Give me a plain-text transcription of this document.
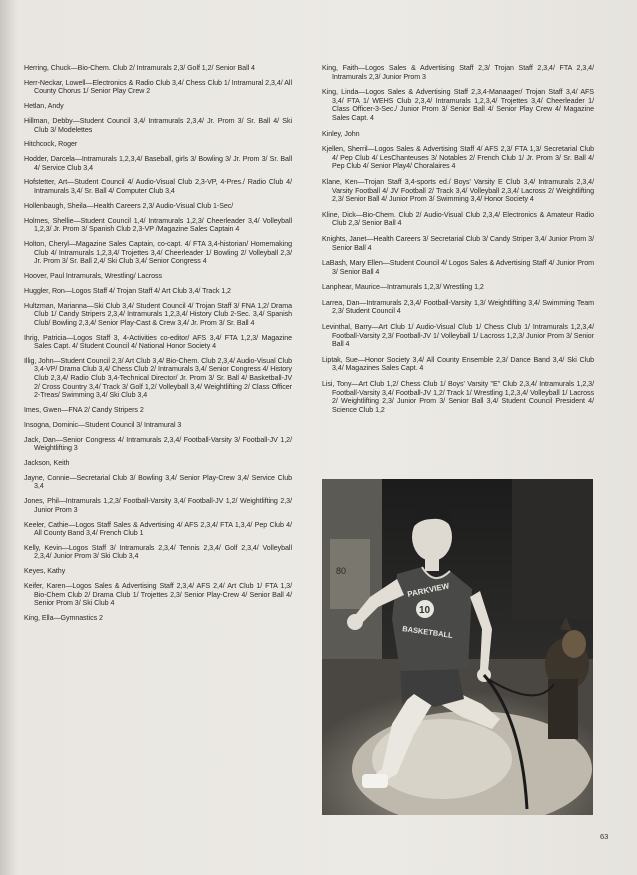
Herring, Chuck—Bio-Chem. Club 2/ Intramurals 2,3/ Golf 1,2/ Senior Ball 4

Herr-Neckar, Lowell—Electronics & Radio Club 3,4/ Chess Club 1/ Intramural 2,3,4/ All County Chorus 1/ Senior Play Crew 2

Hetlan, Andy

Hillman, Debby—Student Council 3,4/ Intramurals 2,3,4/ Jr. Prom 3/ Sr. Ball 4/ Ski Club 3/ Modelettes

Hitchcock, Roger

Hodder, Darcela—Intramurals 1,2,3,4/ Baseball, girls 3/ Bowling 3/ Jr. Prom 3/ Sr. Ball 4/ Service Club 3,4

Hofstetter, Art—Student Council 4/ Audio-Visual Club 2,3-VP, 4-Pres./ Radio Club 4/ Intramurals 3,4/ Sr. Ball 4/ Computer Club 3,4

Hollenbaugh, Sheila—Health Careers 2,3/ Audio-Visual Club 1-Sec/

Holmes, Shellie—Student Council 1,4/ Intramurals 1,2,3/ Cheerleader 3,4/ Volleyball 1,2,3/ Jr. Prom 3/ Spanish Club 2,3-VP /Magazine Sales Captain 4

Holton, Cheryl—Magazine Sales Captain, co-capt. 4/ FTA 3,4-historian/ Homemaking Club 4/ Intramurals 1,2,3,4/ Trojettes 3,4/ Cheerleader 1/ Bowling 2/ Volleyball 2,3/ Jr. Prom 3/ Sr. Ball 2,4/ Ski Club 3,4/ Senior Congress 4

Hoover, Paul Intramurals, Wrestling/ Lacross

Huggler, Ron—Logos Staff 4/ Trojan Staff 4/ Art Club 3,4/ Track 1,2

Hultzman, Marianna—Ski Club 3,4/ Student Council 4/ Trojan Staff 3/ FNA 1,2/ Drama Club 1/ Candy Stripers 2,3,4/ Intramurals 1,2,3,4/ History Club 2-Sec. 3,4/ Spanish Club/ Bowling 2,3,4/ Senior Play-Cast & Crew 3,4/ Jr. Prom 3/ Sr. Ball 4

Ihrig, Patricia—Logos Staff 3, 4-Activities co-editor/ AFS 3,4/ FTA 1,2,3/ Magazine Sales Capt. 4/ Student Council 4/ National Honor Society 4

Illig, John—Student Council 2,3/ Art Club 3,4/ Bio-Chem. Club 2,3,4/ Audio-Visual Club 3,4-VP/ Drama Club 3,4/ Chess Club 2/ Intramurals 3,4/ Senior Congress 4/ History Club 2,3,4/ Radio Club 3,4-Technical Director/ Jr. Prom 3/ Sr. Ball 4/ Basketball-JV 2/ Cross Country 3,4/ Track 3/ Golf 1,2/ Volleyball 3,4/ Weightlifting 2/ Class Officer 2-Treas/ Swimming 3,4/ Ski Club 3,4

Imes, Gwen—FNA 2/ Candy Stripers 2

Insogna, Dominic—Student Council 3/ Intramural 3

Jack, Dan—Senior Congress 4/ Intramurals 2,3,4/ Football-Varsity 3/ Football-JV 1,2/ Weightlifting 3

Jackson, Keith

Jayne, Connie—Secretarial Club 3/ Bowling 3,4/ Senior Play-Crew 3,4/ Service Club 3,4

Jones, Phil—Intramurals 1,2,3/ Football-Varsity 3,4/ Football-JV 1,2/ Weightlifting 2,3/ Junior Prom 3

Keeler, Cathie—Logos Staff Sales & Advertising 4/ AFS 2,3,4/ FTA 1,3,4/ Pep Club 4/ All County Band 3,4/ French Club 1

Kelly, Kevin—Logos Staff 3/ Intramurals 2,3,4/ Tennis 2,3,4/ Golf 2,3,4/ Volleyball 2,3,4/ Junior Prom 3/ Ski Club 3,4

Keyes, Kathy

Keifer, Karen—Logos Sales & Advertising Staff 2,3,4/ AFS 2,4/ Art Club 1/ FTA 1,3/ Bio-Chem Club 2/ Drama Club 1/ Trojettes 2,3/ Senior Play-Crew 4/ Senior Ball 4/ Senior Prom 3/ Ski Club 4

King, Ella—Gymnastics 2

King, Faith—Logos Sales & Advertising Staff 2,3/ Trojan Staff 2,3,4/ FTA 2,3,4/ Intramurals 2,3/ Junior Prom 3

King, Linda—Logos Sales & Advertising Staff 2,3,4-Manaager/ Trojan Staff 3,4/ AFS 3,4/ FTA 1/ WEHS Club 2,3,4/ Intramurals 1,2,3,4/ Trojettes 3,4/ Cheerleader 1/ Class Officer-3-Sec./ Junior Prom 3/ Senior Ball 4/ Senior Play Crew 4/ Magazine Sales Capt. 4

Kinley, John

Kjellen, Sherril—Logos Sales & Advertising Staff 4/ AFS 2,3/ FTA 1,3/ Secretarial Club 4/ Pep Club 4/ LesChanteuses 3/ Notables 2/ French Club 1/ Jr. Prom 3/ Sr. Ball 4/ Pep Club 4/ Senior Play4/ Choralaires 4

Klane, Ken—Trojan Staff 3,4-sports ed./ Boys' Varsity E Club 3,4/ Intramurals 2,3,4/ Varsity Football 4/ JV Football 2/ Track 3,4/ Volleyball 2,3,4/ Lacross 2/ Weightlifting 2,3/ Senior Ball 4/ Junior Prom 3/ Swimming 3,4/ Honor Society 4

Kline, Dick—Bio-Chem. Club 2/ Audio-Visual Club 2,3,4/ Electronics & Amateur Radio Club 2,3/ Senior Ball 4

Knights, Janet—Health Careers 3/ Secretarial Club 3/ Candy Striper 3,4/ Junior Prom 3/ Senior Ball 4

LaBash, Mary Ellen—Student Council 4/ Logos Sales & Advertising Staff 4/ Junior Prom 3/ Senior Ball 4

Lanphear, Maurice—Intramurals 1,2,3/ Wrestling 1,2

Larrea, Dan—Intramurals 2,3,4/ Football-Varsity 1,3/ Weightlifting 3,4/ Swimming Team 2,3/ Student Council 4

Levinthal, Barry—Art Club 1/ Audio-Visual Club 1/ Chess Club 1/ Intramurals 1,2,3,4/ Football-Varsity 2,3/ Football-JV 1/ Volleyball 1/ Lacross 1,2,3/ Junior Prom 3/ Senior Ball 4

Liptak, Sue—Honor Society 3,4/ All County Ensemble 2,3/ Dance Band 3,4/ Ski Club 3,4/ Magazines Sales Capt. 4

Lisi, Tony—Art Club 1,2/ Chess Club 1/ Boys' Varsity "E" Club 2,3,4/ Intramurals 1,2,3/ Football-Varsity 3,4/ Football-JV 1,2/ Track 1/ Wrestling 1,2,3,4/ Volleyball 1/ Lacross 2/ Weightlifting 2,3/ Junior Prom 3/ Senior Ball 3,4/ Student Council President 4/ Science Club 1,2

80
PARKVIEW
10
BASKETBALL
63
